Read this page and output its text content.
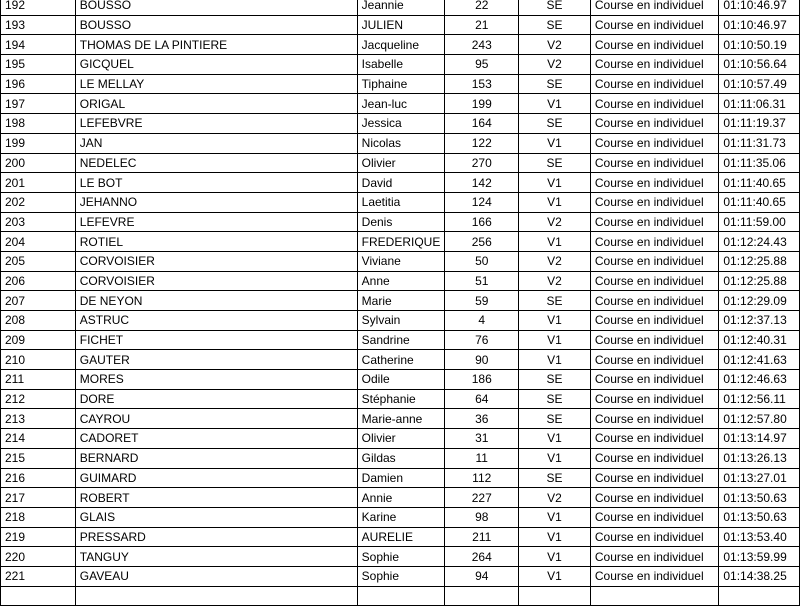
192	BOUSSO	Jeannie	22	SE	Course en individuel	01:10:46.97
193	BOUSSO	JULIEN	21	SE	Course en individuel	01:10:46.97
194	THOMAS DE LA PINTIERE	Jacqueline	243	V2	Course en individuel	01:10:50.19
195	GICQUEL	Isabelle	95	V2	Course en individuel	01:10:56.64
196	LE MELLAY	Tiphaine	153	SE	Course en individuel	01:10:57.49
197	ORIGAL	Jean-luc	199	V1	Course en individuel	01:11:06.31
198	LEFEBVRE	Jessica	164	SE	Course en individuel	01:11:19.37
199	JAN	Nicolas	122	V1	Course en individuel	01:11:31.73
200	NEDELEC	Olivier	270	SE	Course en individuel	01:11:35.06
201	LE BOT	David	142	V1	Course en individuel	01:11:40.65
202	JEHANNO	Laetitia	124	V1	Course en individuel	01:11:40.65
203	LEFEVRE	Denis	166	V2	Course en individuel	01:11:59.00
204	ROTIEL	FREDERIQUE	256	V1	Course en individuel	01:12:24.43
205	CORVOISIER	Viviane	50	V2	Course en individuel	01:12:25.88
206	CORVOISIER	Anne	51	V2	Course en individuel	01:12:25.88
207	DE NEYON	Marie	59	SE	Course en individuel	01:12:29.09
208	ASTRUC	Sylvain	4	V1	Course en individuel	01:12:37.13
209	FICHET	Sandrine	76	V1	Course en individuel	01:12:40.31
210	GAUTER	Catherine	90	V1	Course en individuel	01:12:41.63
211	MORES	Odile	186	SE	Course en individuel	01:12:46.63
212	DORE	Stéphanie	64	SE	Course en individuel	01:12:56.11
213	CAYROU	Marie-anne	36	SE	Course en individuel	01:12:57.80
214	CADORET	Olivier	31	V1	Course en individuel	01:13:14.97
215	BERNARD	Gildas	11	V1	Course en individuel	01:13:26.13
216	GUIMARD	Damien	112	SE	Course en individuel	01:13:27.01
217	ROBERT	Annie	227	V2	Course en individuel	01:13:50.63
218	GLAIS	Karine	98	V1	Course en individuel	01:13:50.63
219	PRESSARD	AURELIE	211	V1	Course en individuel	01:13:53.40
220	TANGUY	Sophie	264	V1	Course en individuel	01:13:59.99
221	GAVEAU	Sophie	94	V1	Course en individuel	01:14:38.25
